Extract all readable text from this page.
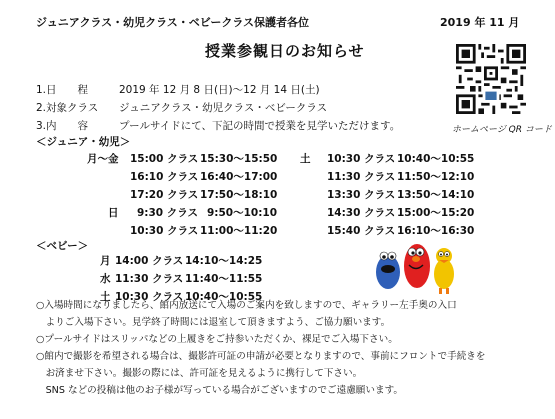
ジュニアクラス・幼児クラス・ベビークラス保護者各位	2019 年 11 月
授業参観日のお知らせ
1.日　　程	2019 年 12 月 8 日(日)～12 月 14 日(土)
2.対象クラス ジュニアクラス・幼児クラス・ベビークラス
3.内　　容	プールサイドにて、下記の時間で授業を見学いただけます。	ホームページ QR コード
＜ジュニア・幼児＞
月～金 15:00 クラス 15:30～15:50
16:10 クラス 16:40～17:00
17:20 クラス 17:50～18:10
日 9:30 クラス 9:50～10:10
10:30 クラス 11:00～11:20
土 10:30 クラス 10:40～10:55
11:30 クラス 11:50～12:10
13:30 クラス 13:50～14:10
14:30 クラス 15:00～15:20
15:40 クラス 16:10～16:30
＜ベビー＞
月 14:00 クラス 14:10～14:25
水 11:30 クラス 11:40～11:55
土 10:30 クラス 10:40～10:55
○入場時間になりましたら、館内放送にて入場のご案内を致しますので、ギャラリー左手奥の入口
　よりご入場下さい。見学終了時間には退室して頂きますよう、ご協力願います。
○プールサイドはスリッパなどの上履きをご持参いただくか、裸足でご入場下さい。
○館内で撮影を希望される場合は、撮影許可証の申請が必要となりますので、事前にフロントで手続きを
　お済ませ下さい。撮影の際には、許可証を見えるように携行して下さい。
　SNS などの投稿は他のお子様が写っている場合がございますのでご遠慮願います。
